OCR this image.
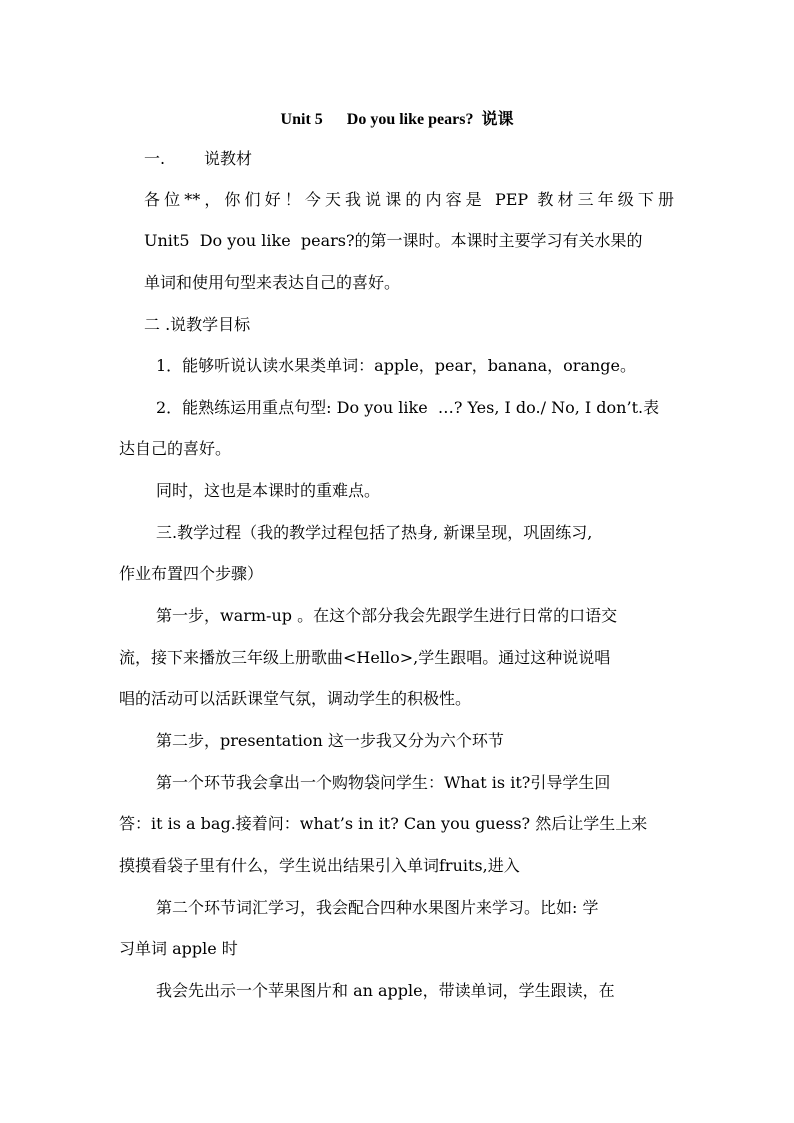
Unit 5      Do you like pears?  说课
一. 说教材
各位**，你们好！今天我说课的内容是 PEP 教材三年级下册
Unit5  Do you like  pears?的第一课时。本课时主要学习有关水果的
单词和使用句型来表达自己的喜好。
二 .说教学目标
1．能够听说认读水果类单词：apple，pear，banana，orange。
2．能熟练运用重点句型: Do you like  …? Yes, I do./ No, I don’t.表
达自己的喜好。
同时，这也是本课时的重难点。
三.教学过程（我的教学过程包括了热身, 新课呈现，巩固练习,
作业布置四个步骤）
第一步，warm-up 。在这个部分我会先跟学生进行日常的口语交
流，接下来播放三年级上册歌曲<Hello>,学生跟唱。通过这种说说唱
唱的活动可以活跃课堂气氛，调动学生的积极性。
第二步，presentation 这一步我又分为六个环节
第一个环节我会拿出一个购物袋问学生：What is it?引导学生回
答：it is a bag.接着问：what’s in it? Can you guess? 然后让学生上来
摸摸看袋子里有什么，学生说出结果引入单词fruits,进入
第二个环节词汇学习，我会配合四种水果图片来学习。比如: 学
习单词 apple 时
我会先出示一个苹果图片和 an apple，带读单词，学生跟读，在
